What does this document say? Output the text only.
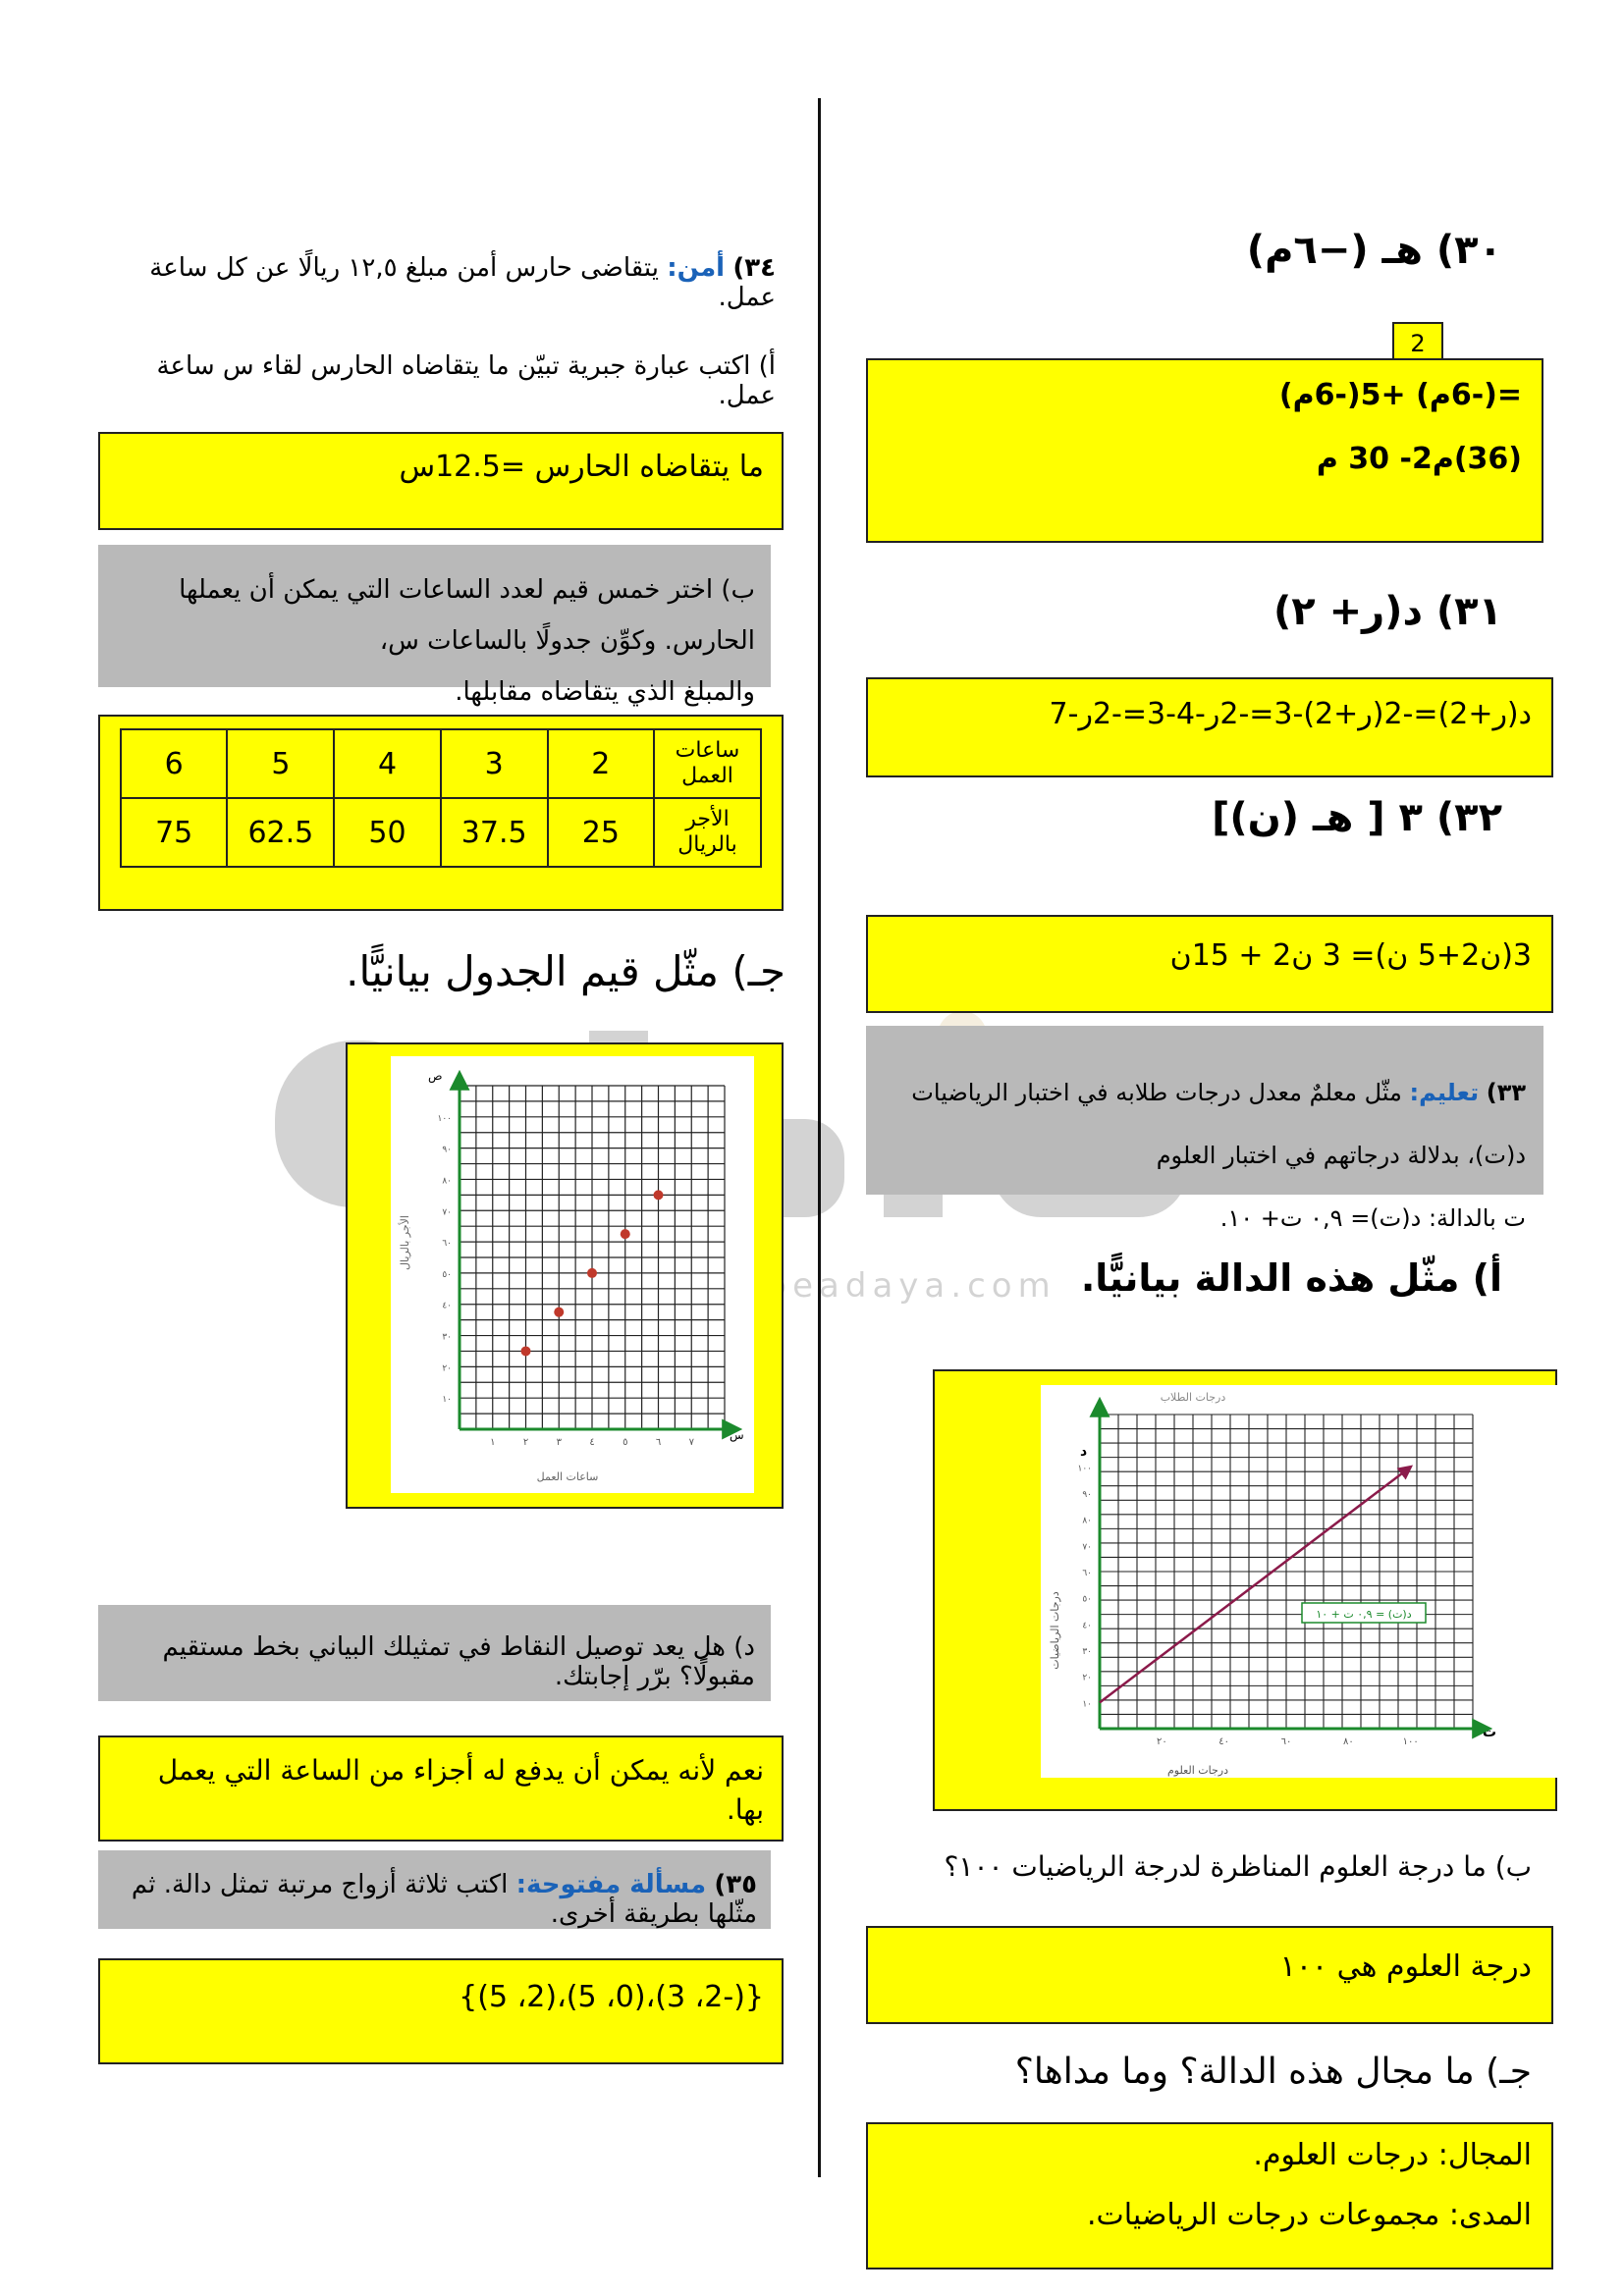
beadaya.com
٣٠) هـ (−٦م)
2
=(-6م) +5(-6م)
(36)م2- 30 م
٣١) د(ر+ ٢)
د(ر+2)=-2(ر+2)-3=-2ر-4-3=-2ر-7
٣٢) ٣ [ هـ (ن)]
3(ن2+5 ن)= 3 ن2 + 15ن
٣٣) تعليم: مثّل معلمٌ معدل درجات طلابه في اختبار الرياضيات د(ت)، بدلالة درجاتهم في اختبار العلوم
ت بالدالة: د(ت)= ٠,٩ ت+ ١٠.
أ) مثّل هذه الدالة بيانيًّا.
درجات الطلاب
٢٠	٤٠	٦٠	٨٠	١٠٠
١٠
٢٠
٣٠
٤٠
٥٠
٦٠
٧٠
٨٠
٩٠
١٠٠
د(ت) = ٠,٩ ت + ١٠
درجات العلوم
درجات الرياضيات
ت
د
ب) ما درجة العلوم المناظرة لدرجة الرياضيات ١٠٠؟
درجة العلوم هي ١٠٠
جـ) ما مجال هذه الدالة؟ وما مداها؟
المجال: درجات العلوم.
المدى: مجموعات درجات الرياضيات.
٣٤) أمن: يتقاضى حارس أمن مبلغ ١٢,٥ ريالًا عن كل ساعة عمل.
أ) اكتب عبارة جبرية تبيّن ما يتقاضاه الحارس لقاء س ساعة عمل.
ما يتقاضاه الحارس =12.5س
ب) اختر خمس قيم لعدد الساعات التي يمكن أن يعملها الحارس. وكوِّن جدولًا بالساعات س،
والمبلغ الذي يتقاضاه مقابلها.
ساعات العمل	2	3	4	5	6
الأجر بالريال	25	37.5	50	62.5	75
جـ) مثّل قيم الجدول بيانيًّا.
١	٢	٣	٤	٥	٦	٧
١٠
٢٠
٣٠
٤٠
٥٠
٦٠
٧٠
٨٠
٩٠
١٠٠
ساعات العمل
الأجر بالريال
س
ص
د) هل يعد توصيل النقاط في تمثيلك البياني بخط مستقيم مقبولًا؟ برّر إجابتك.
نعم لأنه يمكن أن يدفع له أجزاء من الساعة التي يعمل بها.
٣٥) مسألة مفتوحة: اكتب ثلاثة أزواج مرتبة تمثل دالة. ثم مثّلها بطريقة أخرى.
{(-2، 3)،(0، 5)،(2، 5)}
